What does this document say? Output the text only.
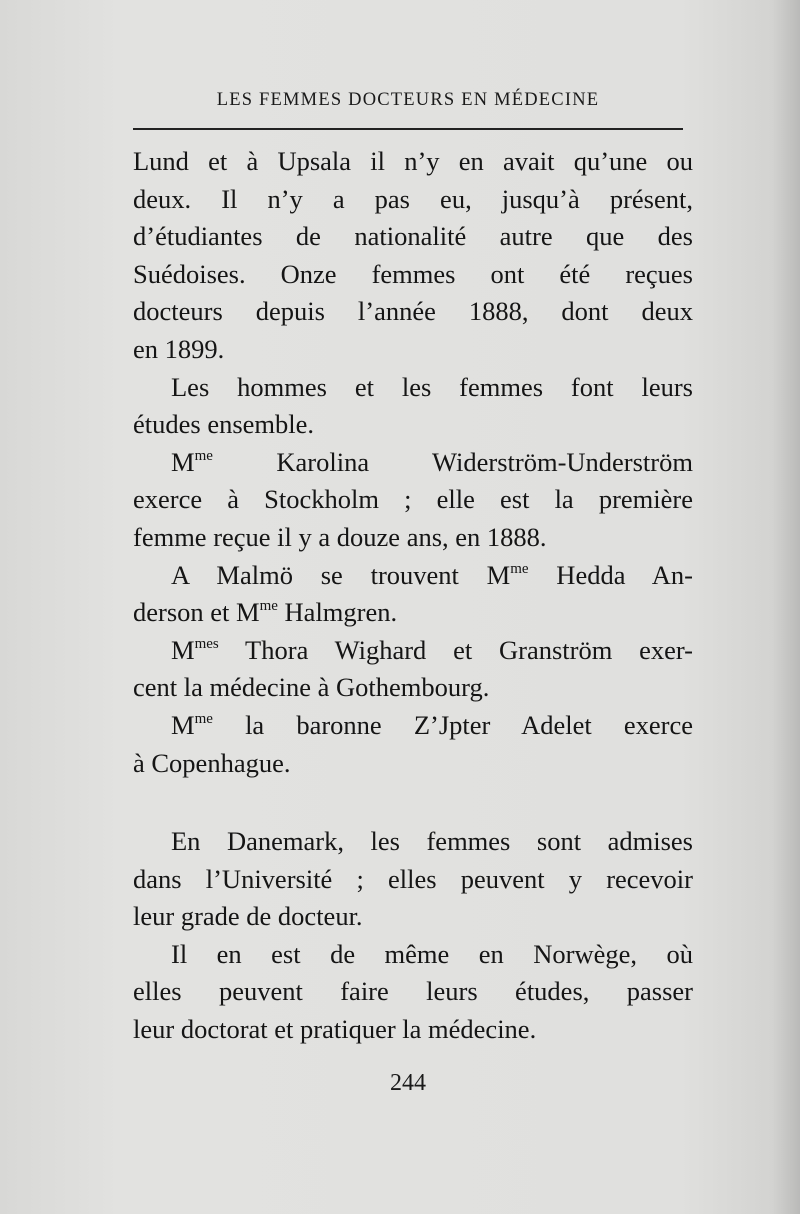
LES FEMMES DOCTEURS EN MÉDECINE
Lund et à Upsala il n’y en avait qu’une ou
deux. Il n’y a pas eu, jusqu’à présent,
d’étudiantes de nationalité autre que des
Suédoises. Onze femmes ont été reçues
docteurs depuis l’année 1888, dont deux
en 1899.
Les hommes et les femmes font leurs
études ensemble.
$M^{me}$ Karolina Widerström-Underström
exerce à Stockholm ; elle est la première
femme reçue il y a douze ans, en 1888.
A Malmö se trouvent $M^{me}$ Hedda An-
derson et $M^{me}$ Halmgren.
$M^{mes}$ Thora Wighard et Granström exer-
cent la médecine à Gothembourg.
$M^{me}$ la baronne Z’Jpter Adelet exerce
à Copenhague.
En Danemark, les femmes sont admises
dans l’Université ; elles peuvent y recevoir
leur grade de docteur.
Il en est de même en Norwège, où
elles peuvent faire leurs études, passer
leur doctorat et pratiquer la médecine.
244
